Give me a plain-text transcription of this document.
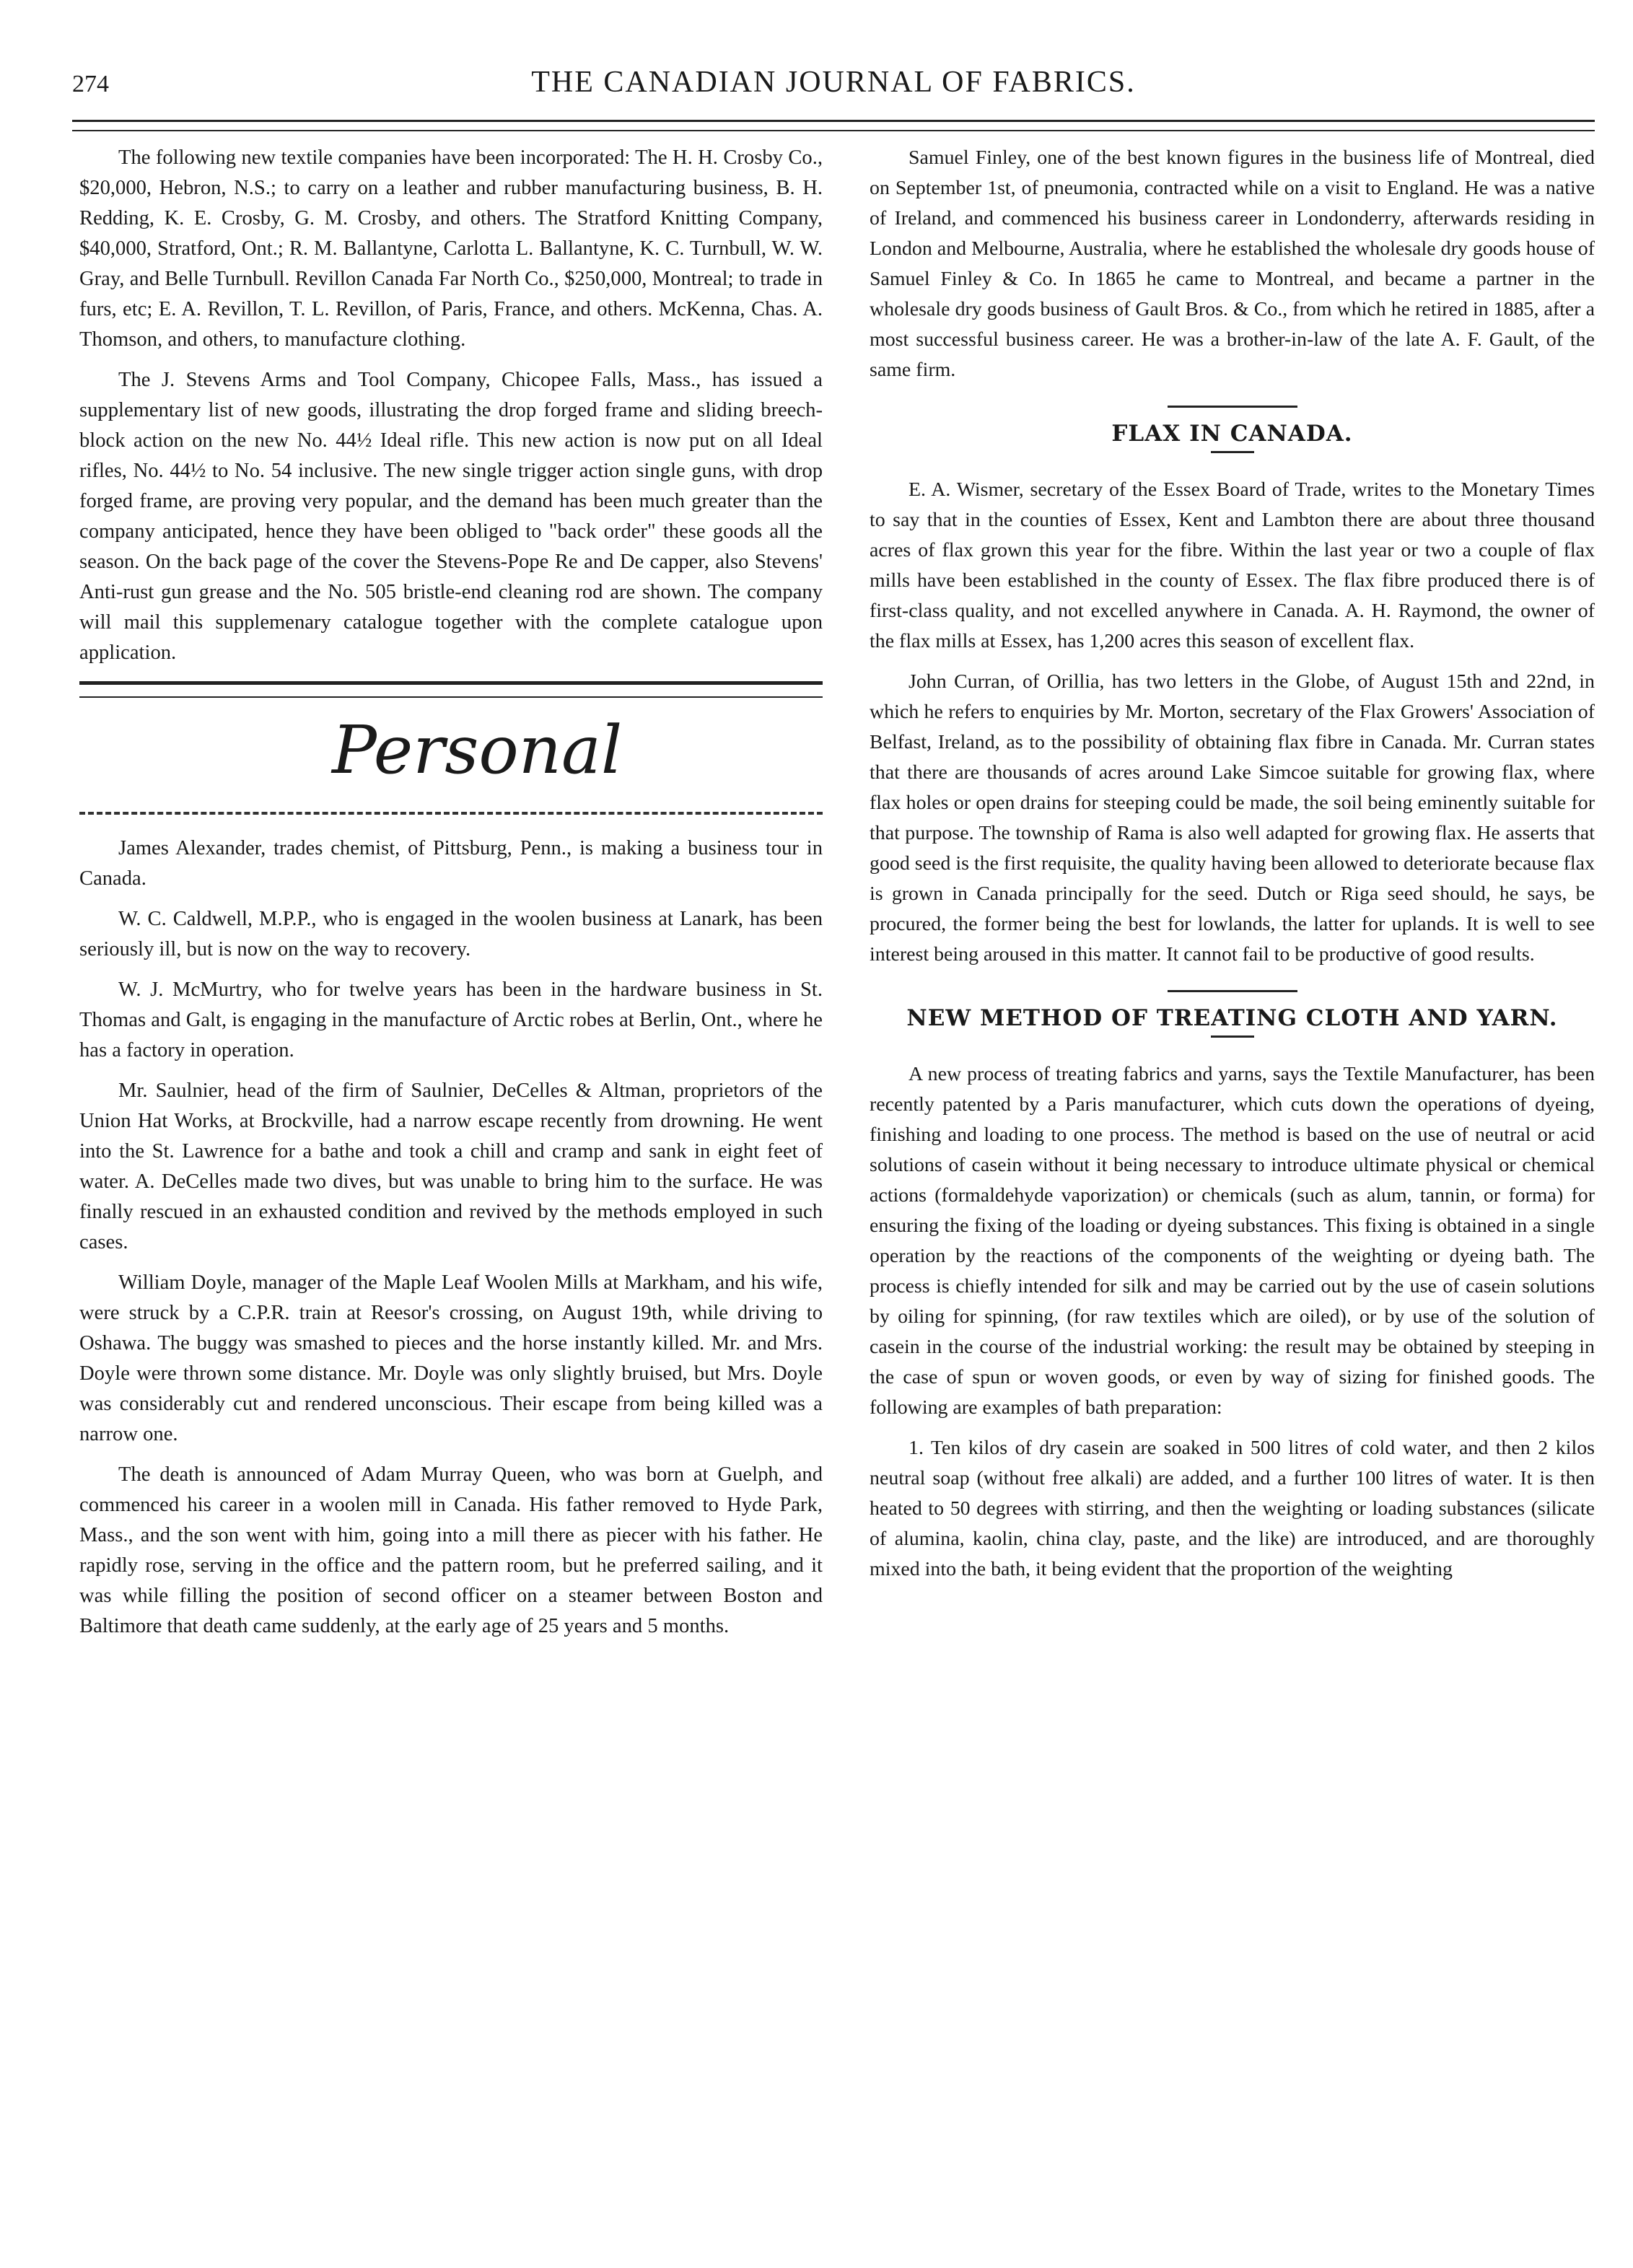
274	THE CANADIAN JOURNAL OF FABRICS.

The following new textile companies have been incorporated: The H. H. Crosby Co., $20,000, Hebron, N.S.; to carry on a leather and rubber manufacturing business, B. H. Redding, K. E. Crosby, G. M. Crosby, and others. The Stratford Knitting Company, $40,000, Stratford, Ont.; R. M. Ballantyne, Carlotta L. Ballantyne, K. C. Turnbull, W. W. Gray, and Belle Turnbull. Revillon Canada Far North Co., $250,000, Montreal; to trade in furs, etc; E. A. Revillon, T. L. Revillon, of Paris, France, and others. McKenna, Chas. A. Thomson, and others, to manufacture clothing.

The J. Stevens Arms and Tool Company, Chicopee Falls, Mass., has issued a supplementary list of new goods, illustrating the drop forged frame and sliding breech-block action on the new No. 44½ Ideal rifle. This new action is now put on all Ideal rifles, No. 44½ to No. 54 inclusive. The new single trigger action single guns, with drop forged frame, are proving very popular, and the demand has been much greater than the company anticipated, hence they have been obliged to "back order" these goods all the season. On the back page of the cover the Stevens-Pope Re and De capper, also Stevens' Anti-rust gun grease and the No. 505 bristle-end cleaning rod are shown. The company will mail this supplemenary catalogue together with the complete catalogue upon application.

Personal

James Alexander, trades chemist, of Pittsburg, Penn., is making a business tour in Canada.

W. C. Caldwell, M.P.P., who is engaged in the woolen business at Lanark, has been seriously ill, but is now on the way to recovery.

W. J. McMurtry, who for twelve years has been in the hardware business in St. Thomas and Galt, is engaging in the manufacture of Arctic robes at Berlin, Ont., where he has a factory in operation.

Mr. Saulnier, head of the firm of Saulnier, DeCelles & Altman, proprietors of the Union Hat Works, at Brockville, had a narrow escape recently from drowning. He went into the St. Lawrence for a bathe and took a chill and cramp and sank in eight feet of water. A. DeCelles made two dives, but was unable to bring him to the surface. He was finally rescued in an exhausted condition and revived by the methods employed in such cases.

William Doyle, manager of the Maple Leaf Woolen Mills at Markham, and his wife, were struck by a C.P.R. train at Reesor's crossing, on August 19th, while driving to Oshawa. The buggy was smashed to pieces and the horse instantly killed. Mr. and Mrs. Doyle were thrown some distance. Mr. Doyle was only slightly bruised, but Mrs. Doyle was considerably cut and rendered unconscious. Their escape from being killed was a narrow one.

The death is announced of Adam Murray Queen, who was born at Guelph, and commenced his career in a woolen mill in Canada. His father removed to Hyde Park, Mass., and the son went with him, going into a mill there as piecer with his father. He rapidly rose, serving in the office and the pattern room, but he preferred sailing, and it was while filling the position of second officer on a steamer between Boston and Baltimore that death came suddenly, at the early age of 25 years and 5 months.

Samuel Finley, one of the best known figures in the business life of Montreal, died on September 1st, of pneumonia, contracted while on a visit to England. He was a native of Ireland, and commenced his business career in Londonderry, afterwards residing in London and Melbourne, Australia, where he established the wholesale dry goods house of Samuel Finley & Co. In 1865 he came to Montreal, and became a partner in the wholesale dry goods business of Gault Bros. & Co., from which he retired in 1885, after a most successful business career. He was a brother-in-law of the late A. F. Gault, of the same firm.

FLAX IN CANADA.

E. A. Wismer, secretary of the Essex Board of Trade, writes to the Monetary Times to say that in the counties of Essex, Kent and Lambton there are about three thousand acres of flax grown this year for the fibre. Within the last year or two a couple of flax mills have been established in the county of Essex. The flax fibre produced there is of first-class quality, and not excelled anywhere in Canada. A. H. Raymond, the owner of the flax mills at Essex, has 1,200 acres this season of excellent flax.

John Curran, of Orillia, has two letters in the Globe, of August 15th and 22nd, in which he refers to enquiries by Mr. Morton, secretary of the Flax Growers' Association of Belfast, Ireland, as to the possibility of obtaining flax fibre in Canada. Mr. Curran states that there are thousands of acres around Lake Simcoe suitable for growing flax, where flax holes or open drains for steeping could be made, the soil being eminently suitable for that purpose. The township of Rama is also well adapted for growing flax. He asserts that good seed is the first requisite, the quality having been allowed to deteriorate because flax is grown in Canada principally for the seed. Dutch or Riga seed should, he says, be procured, the former being the best for lowlands, the latter for uplands. It is well to see interest being aroused in this matter. It cannot fail to be productive of good results.

NEW METHOD OF TREATING CLOTH AND YARN.

A new process of treating fabrics and yarns, says the Textile Manufacturer, has been recently patented by a Paris manufacturer, which cuts down the operations of dyeing, finishing and loading to one process. The method is based on the use of neutral or acid solutions of casein without it being necessary to introduce ultimate physical or chemical actions (formaldehyde vaporization) or chemicals (such as alum, tannin, or forma) for ensuring the fixing of the loading or dyeing substances. This fixing is obtained in a single operation by the reactions of the components of the weighting or dyeing bath. The process is chiefly intended for silk and may be carried out by the use of casein solutions by oiling for spinning, (for raw textiles which are oiled), or by use of the solution of casein in the course of the industrial working: the result may be obtained by steeping in the case of spun or woven goods, or even by way of sizing for finished goods. The following are examples of bath preparation:

1. Ten kilos of dry casein are soaked in 500 litres of cold water, and then 2 kilos neutral soap (without free alkali) are added, and a further 100 litres of water. It is then heated to 50 degrees with stirring, and then the weighting or loading substances (silicate of alumina, kaolin, china clay, paste, and the like) are introduced, and are thoroughly mixed into the bath, it being evident that the proportion of the weighting
